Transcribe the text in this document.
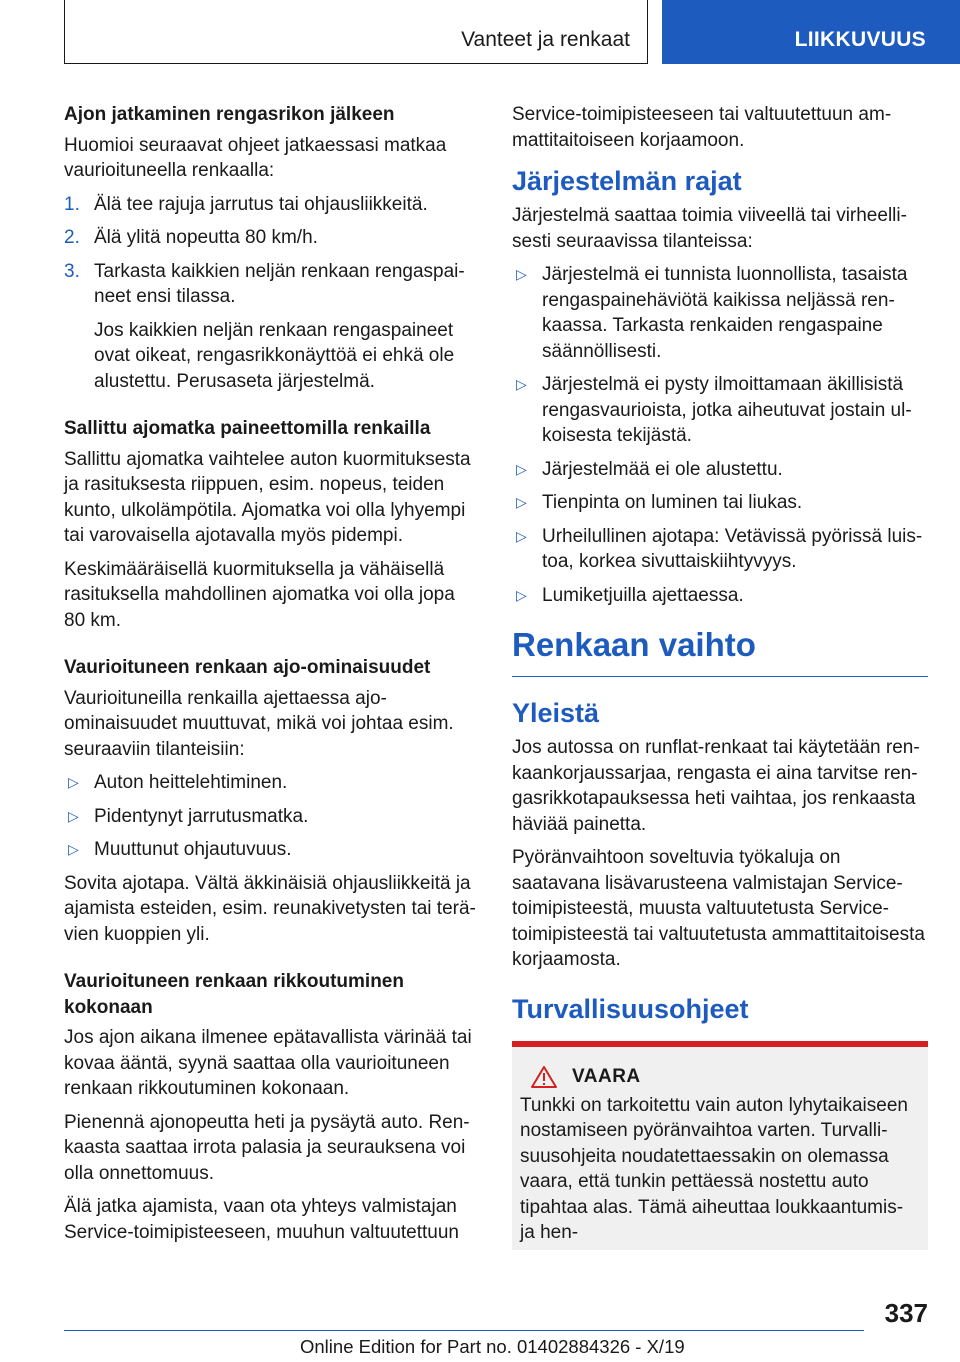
Vanteet ja renkaat	LIIKKUVUUS
Ajon jatkaminen rengasrikon jälkeen

Huomioi seuraavat ohjeet jatkaessasi matkaa vaurioituneella renkaalla:

1. Älä tee rajuja jarrutus tai ohjausliikkeitä.
2. Älä ylitä nopeutta 80 km/h.
3. Tarkasta kaikkien neljän renkaan rengaspaineet ensi tilassa.
Jos kaikkien neljän renkaan rengaspaineet ovat oikeat, rengasrikkonäyttöä ei ehkä ole alustettu. Perusaseta järjestelmä.
Sallittu ajomatka paineettomilla renkailla

Sallittu ajomatka vaihtelee auton kuormituksesta ja rasituksesta riippuen, esim. nopeus, teiden kunto, ulkolämpötila. Ajomatka voi olla lyhyempi tai varovaisella ajotavalla myös pidempi.

Keskimääräisellä kuormituksella ja vähäisellä rasituksella mahdollinen ajomatka voi olla jopa 80 km.

Vaurioituneen renkaan ajo-ominaisuudet

Vaurioituneilla renkailla ajettaessa ajo-ominaisuudet muuttuvat, mikä voi johtaa esim. seuraaviin tilanteisiin:

▷ Auton heittelehtiminen.
▷ Pidentynyt jarrutusmatka.
▷ Muuttunut ohjautuvuus.

Sovita ajotapa. Vältä äkkinäisiä ohjausliikkeitä ja ajamista esteiden, esim. reunakivetysten tai terävien kuoppien yli.

Vaurioituneen renkaan rikkoutuminen kokonaan

Jos ajon aikana ilmenee epätavallista värinää tai kovaa ääntä, syynä saattaa olla vaurioituneen renkaan rikkoutuminen kokonaan.

Pienennä ajonopeutta heti ja pysäytä auto. Renkaasta saattaa irrota palasia ja seurauksena voi olla onnettomuus.

Älä jatka ajamista, vaan ota yhteys valmistajan Service-toimipisteeseen, muuhun valtuutettuun

Service-toimipisteeseen tai valtuutettuun ammattitaitoiseen korjaamoon.

Järjestelmän rajat

Järjestelmä saattaa toimia viiveellä tai virheellisesti seuraavissa tilanteissa:

▷ Järjestelmä ei tunnista luonnollista, tasaista rengaspainehäviötä kaikissa neljässä renkaassa. Tarkasta renkaiden rengaspaine säännöllisesti.
▷ Järjestelmä ei pysty ilmoittamaan äkillisistä rengasvaurioista, jotka aiheutuvat jostain ulkoisesta tekijästä.
▷ Järjestelmää ei ole alustettu.
▷ Tienpinta on luminen tai liukas.
▷ Urheilullinen ajotapa: Vetävissä pyörissä luistoa, korkea sivuttaiskiihtyvyys.
▷ Lumiketjuilla ajettaessa.
Renkaan vaihto
Yleistä

Jos autossa on runflat-renkaat tai käytetään renkaankorjaussarjaa, rengasta ei aina tarvitse rengasrikkotapauksessa heti vaihtaa, jos renkaasta häviää painetta.

Pyöränvaihtoon soveltuvia työkaluja on saatavana lisävarusteena valmistajan Service-toimipisteestä, muusta valtuutetusta Service-toimipisteestä tai valtuutetusta ammattitaitoisesta korjaamosta.

Turvallisuusohjeet
VAARA

Tunkki on tarkoitettu vain auton lyhytaikaiseen nostamiseen pyöränvaihtoa varten. Turvallisuusohjeita noudatettaessakin on olemassa vaara, että tunkin pettäessä nostettu auto tipahtaa alas. Tämä aiheuttaa loukkaantumis- ja hen-

337
Online Edition for Part no. 01402884326 - X/19
